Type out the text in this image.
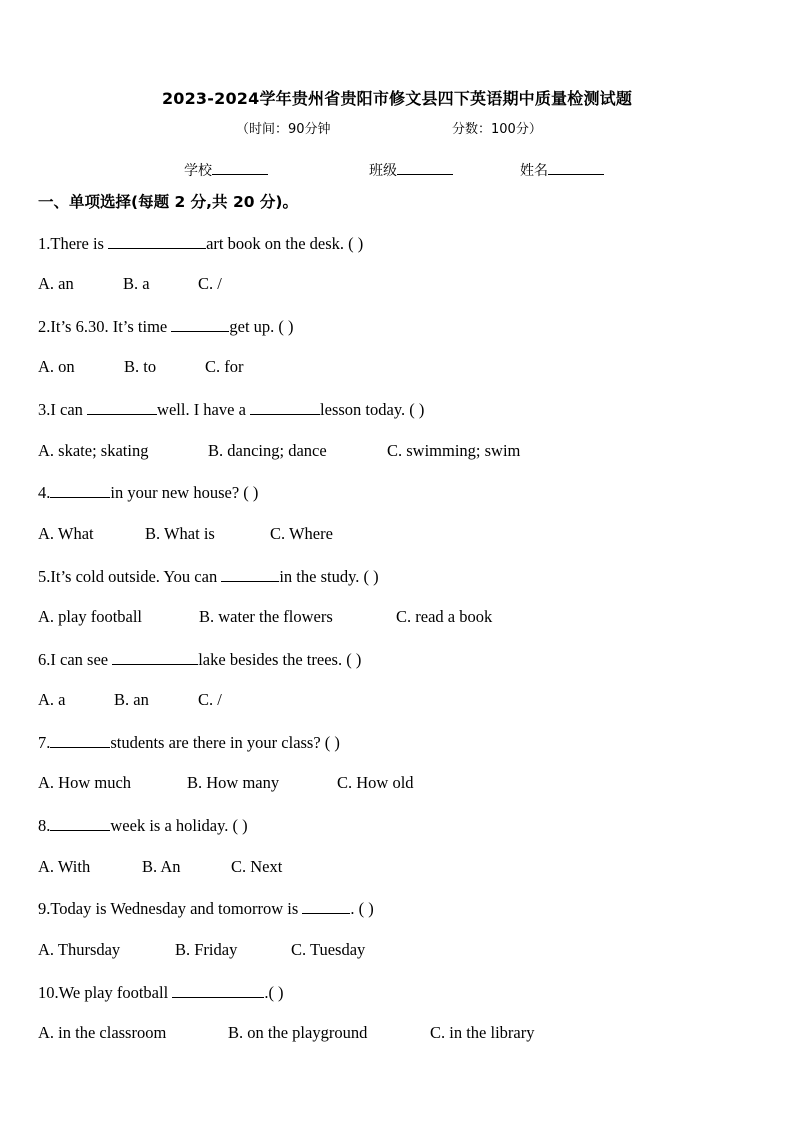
2023-2024学年贵州省贵阳市修文县四下英语期中质量检测试题
（时间：90分钟	分数：100分）
学校	班级	姓名
一、单项选择(每题 2 分,共 20 分)。
1.There is	art book on the desk. ( )
A. an	B. a	C. /
2.It’s 6.30. It’s time	get up. ( )
A. on	B. to	C. for
3.I can	well. I have a	lesson today. ( )
A. skate; skating	B. dancing; dance	C. swimming; swim
4.	in your new house? ( )
A. What	B. What is	C. Where
5.It’s cold outside. You can	in the study. ( )
A. play football	B. water the flowers	C. read a book
6.I can see	lake besides the trees. ( )
A. a	B. an	C. /
7.	students are there in your class? ( )
A. How much	B. How many	C. How old
8.	week is a holiday. ( )
A. With	B. An	C. Next
9.Today is Wednesday and tomorrow is	. ( )
A. Thursday	B. Friday	C. Tuesday
10.We play football	.( )
A. in the classroom	B. on the playground	C. in the library
